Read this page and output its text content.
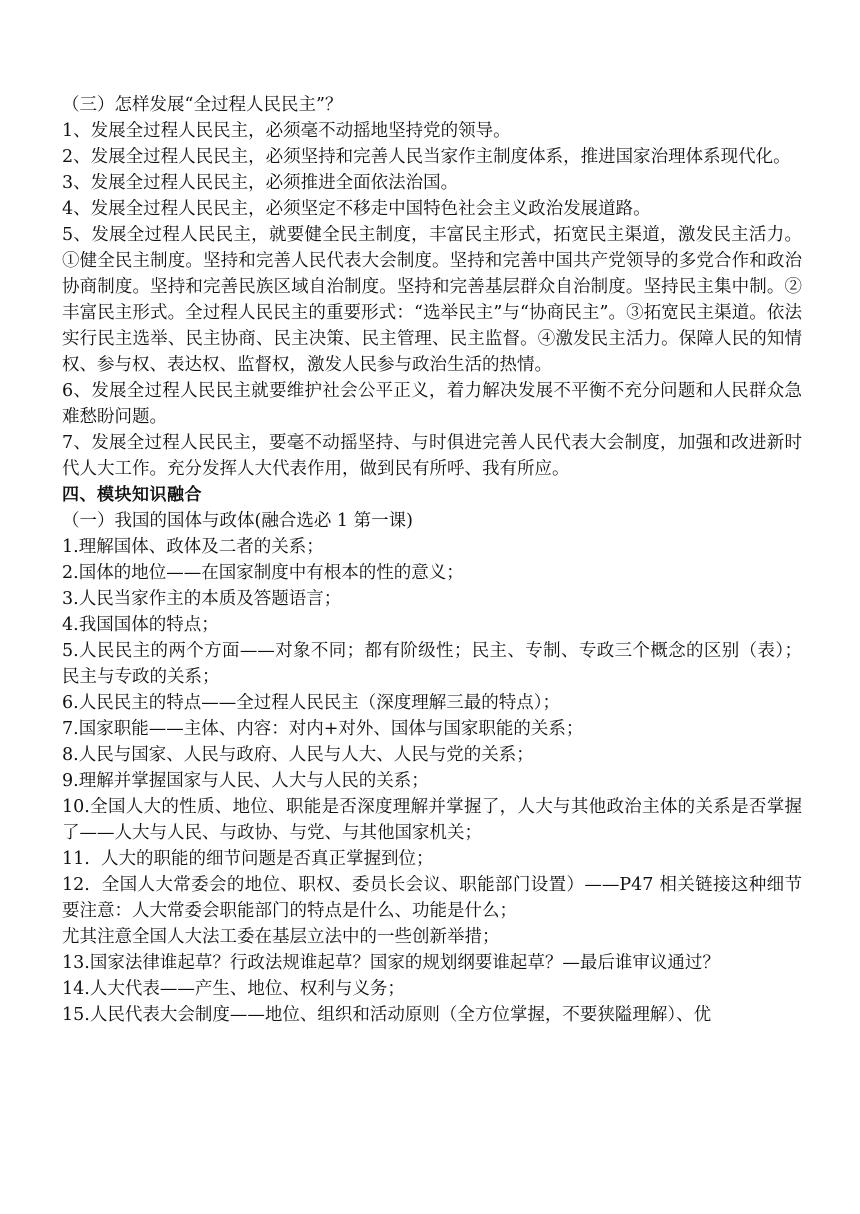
（三）怎样发展“全过程人民民主”？

1、发展全过程人民民主，必须毫不动摇地坚持党的领导。

2、发展全过程人民民主，必须坚持和完善人民当家作主制度体系，推进国家治理体系现代化。

3、发展全过程人民民主，必须推进全面依法治国。

4、发展全过程人民民主，必须坚定不移走中国特色社会主义政治发展道路。

5、发展全过程人民民主，就要健全民主制度，丰富民主形式，拓宽民主渠道，激发民主活力。①健全民主制度。坚持和完善人民代表大会制度。坚持和完善中国共产党领导的多党合作和政治协商制度。坚持和完善民族区域自治制度。坚持和完善基层群众自治制度。坚持民主集中制。②丰富民主形式。全过程人民民主的重要形式：“选举民主”与“协商民主”。③拓宽民主渠道。依法实行民主选举、民主协商、民主决策、民主管理、民主监督。④激发民主活力。保障人民的知情权、参与权、表达权、监督权，激发人民参与政治生活的热情。

6、发展全过程人民民主就要维护社会公平正义，着力解决发展不平衡不充分问题和人民群众急难愁盼问题。

7、发展全过程人民民主，要毫不动摇坚持、与时俱进完善人民代表大会制度，加强和改进新时代人大工作。充分发挥人大代表作用，做到民有所呼、我有所应。

四、模块知识融合

（一）我国的国体与政体(融合选必 1 第一课)

1.理解国体、政体及二者的关系；

2.国体的地位——在国家制度中有根本的性的意义；

3.人民当家作主的本质及答题语言；

4.我国国体的特点；

5.人民民主的两个方面——对象不同；都有阶级性；民主、专制、专政三个概念的区别（表）；民主与专政的关系；

6.人民民主的特点——全过程人民民主（深度理解三最的特点）；

7.国家职能——主体、内容：对内+对外、国体与国家职能的关系；

8.人民与国家、人民与政府、人民与人大、人民与党的关系；

9.理解并掌握国家与人民、人大与人民的关系；

10.全国人大的性质、地位、职能是否深度理解并掌握了，人大与其他政治主体的关系是否掌握了——人大与人民、与政协、与党、与其他国家机关；

11.  人大的职能的细节问题是否真正掌握到位；

12.  全国人大常委会的地位、职权、委员长会议、职能部门设置）——P47 相关链接这种细节要注意：人大常委会职能部门的特点是什么、功能是什么；

尤其注意全国人大法工委在基层立法中的一些创新举措；

13.国家法律谁起草？行政法规谁起草？国家的规划纲要谁起草？—最后谁审议通过？

14.人大代表——产生、地位、权利与义务；

15.人民代表大会制度——地位、组织和活动原则（全方位掌握，不要狭隘理解）、优
